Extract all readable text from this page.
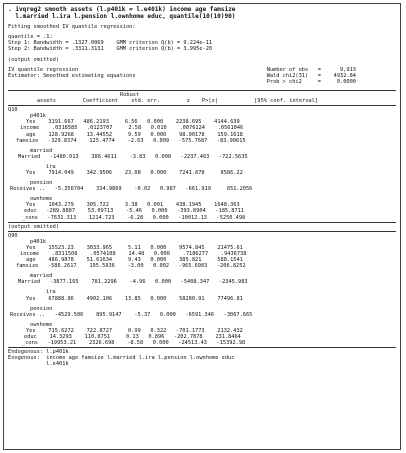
. ivqreg2 smooth assets (l.p401k = l.e401k) income age famsize
l.married l.ira l.pension l.ownhome educ, quantile(10(10)90)
Fitting smoothed IV quantile regression:
quantile = .1:
Step 1: Bandwidth = .1327.0069    GMM criterion Q(b) = 9.224e-11
Step 2: Bandwidth = .3311.3131    GMM criterion Q(b) = 3.995e-20
(output omitted)
IV quantile regression
Estimator: Smoothed estimating equations
Number of obs   =      9,913
Wald chi2(31)   =    4932.84
Prob > chi2     =     0.0000
Robust
assets	Coefficient	std. err.	z	P>|z|	[95% conf. interval]
Q10
p401k
Yes    3191.667   486.2193     6.56   0.000    2238.695    4144.639
income    .0318585   .0123707     2.58   0.010    .0076124    .0561046
age    128.9268    13.44552     9.59   0.000    98.90178    159.1618
famsize   -329.8374    125.4774    -2.63   0.009   -575.7687   -83.90615
married
Married   -1480.013    386.4611    -3.83   0.000   -2237.463   -722.5635
ira
Yes    7914.049    342.9506    23.08   0.000    7241.878     8586.22
pension
Receives ..   -5.356704    334.9869    -0.02   0.987   -661.919     651.2056
ownhome
Yes    1043.279    305.722     3.38   0.001    438.1945    1648.363
educ   -289.8807    53.09713    -5.46   0.000   -393.8904   -185.8711
_cons   -7631.313    1214.723    -6.28   0.000   -10012.13   -5250.498
(output omitted)
Q90
p401k
Yes    15523.23    3033.965     5.11   0.000    9574.845    21475.61
income    .8311508    .0574108    14.48   0.000    .7186277    .9436738
age    486.9878    51.61634     9.43   0.000    385.821     588.1541
famsize   -586.2617    195.5936    -3.00   0.002   -965.6983   -206.8252
married
Married   -3877.165    781.2296    -4.96   0.000   -5408.347   -2345.983
ira
Yes    67888.86    4902.106    13.85   0.000    58280.91    77496.81
pension
Receives ..   -4529.506    895.9147    -5.37   0.000   -6591.346   -3067.665
ownhome
Yes    715.6272    722.8727     0.99   0.322   -701.1773    2132.432
educ    14.3293    110.8751     0.13   0.896   -202.7878    231.8464
_cons   -19953.21    2326.698    -8.58   0.000   -24513.43   -15392.98
Endogenous: l.p401k
Exogenous:  income age famsize l.married l.ira l.pension l.ownhome educ
l.e401k
